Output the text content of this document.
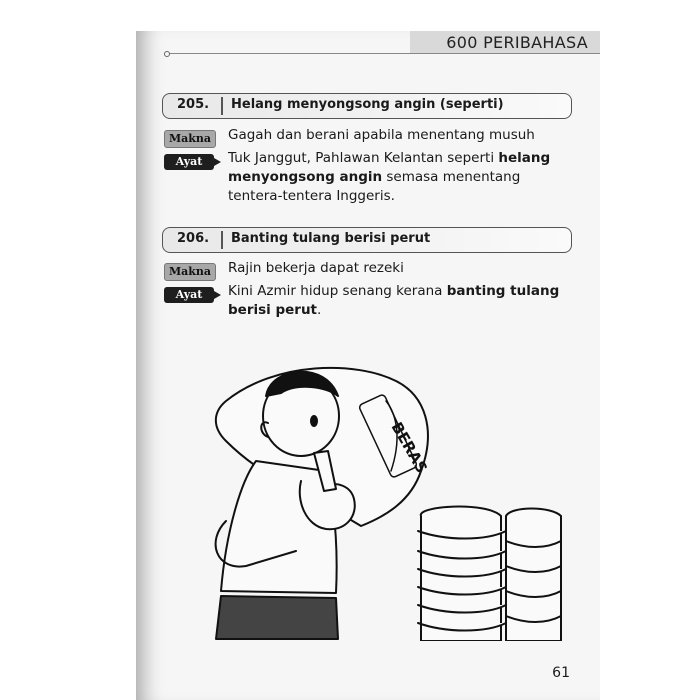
600 PERIBAHASA
205. Helang menyongsong angin (seperti)
Makna	Gagah dan berani apabila menentang musuh
Ayat	Tuk Janggut, Pahlawan Kelantan seperti helang menyongsong angin semasa menentang tentera-tentera Inggeris.
206. Banting tulang berisi perut
Makna	Rajin bekerja dapat rezeki
Ayat	Kini Azmir hidup senang kerana banting tulang berisi perut.
BERAS
61
